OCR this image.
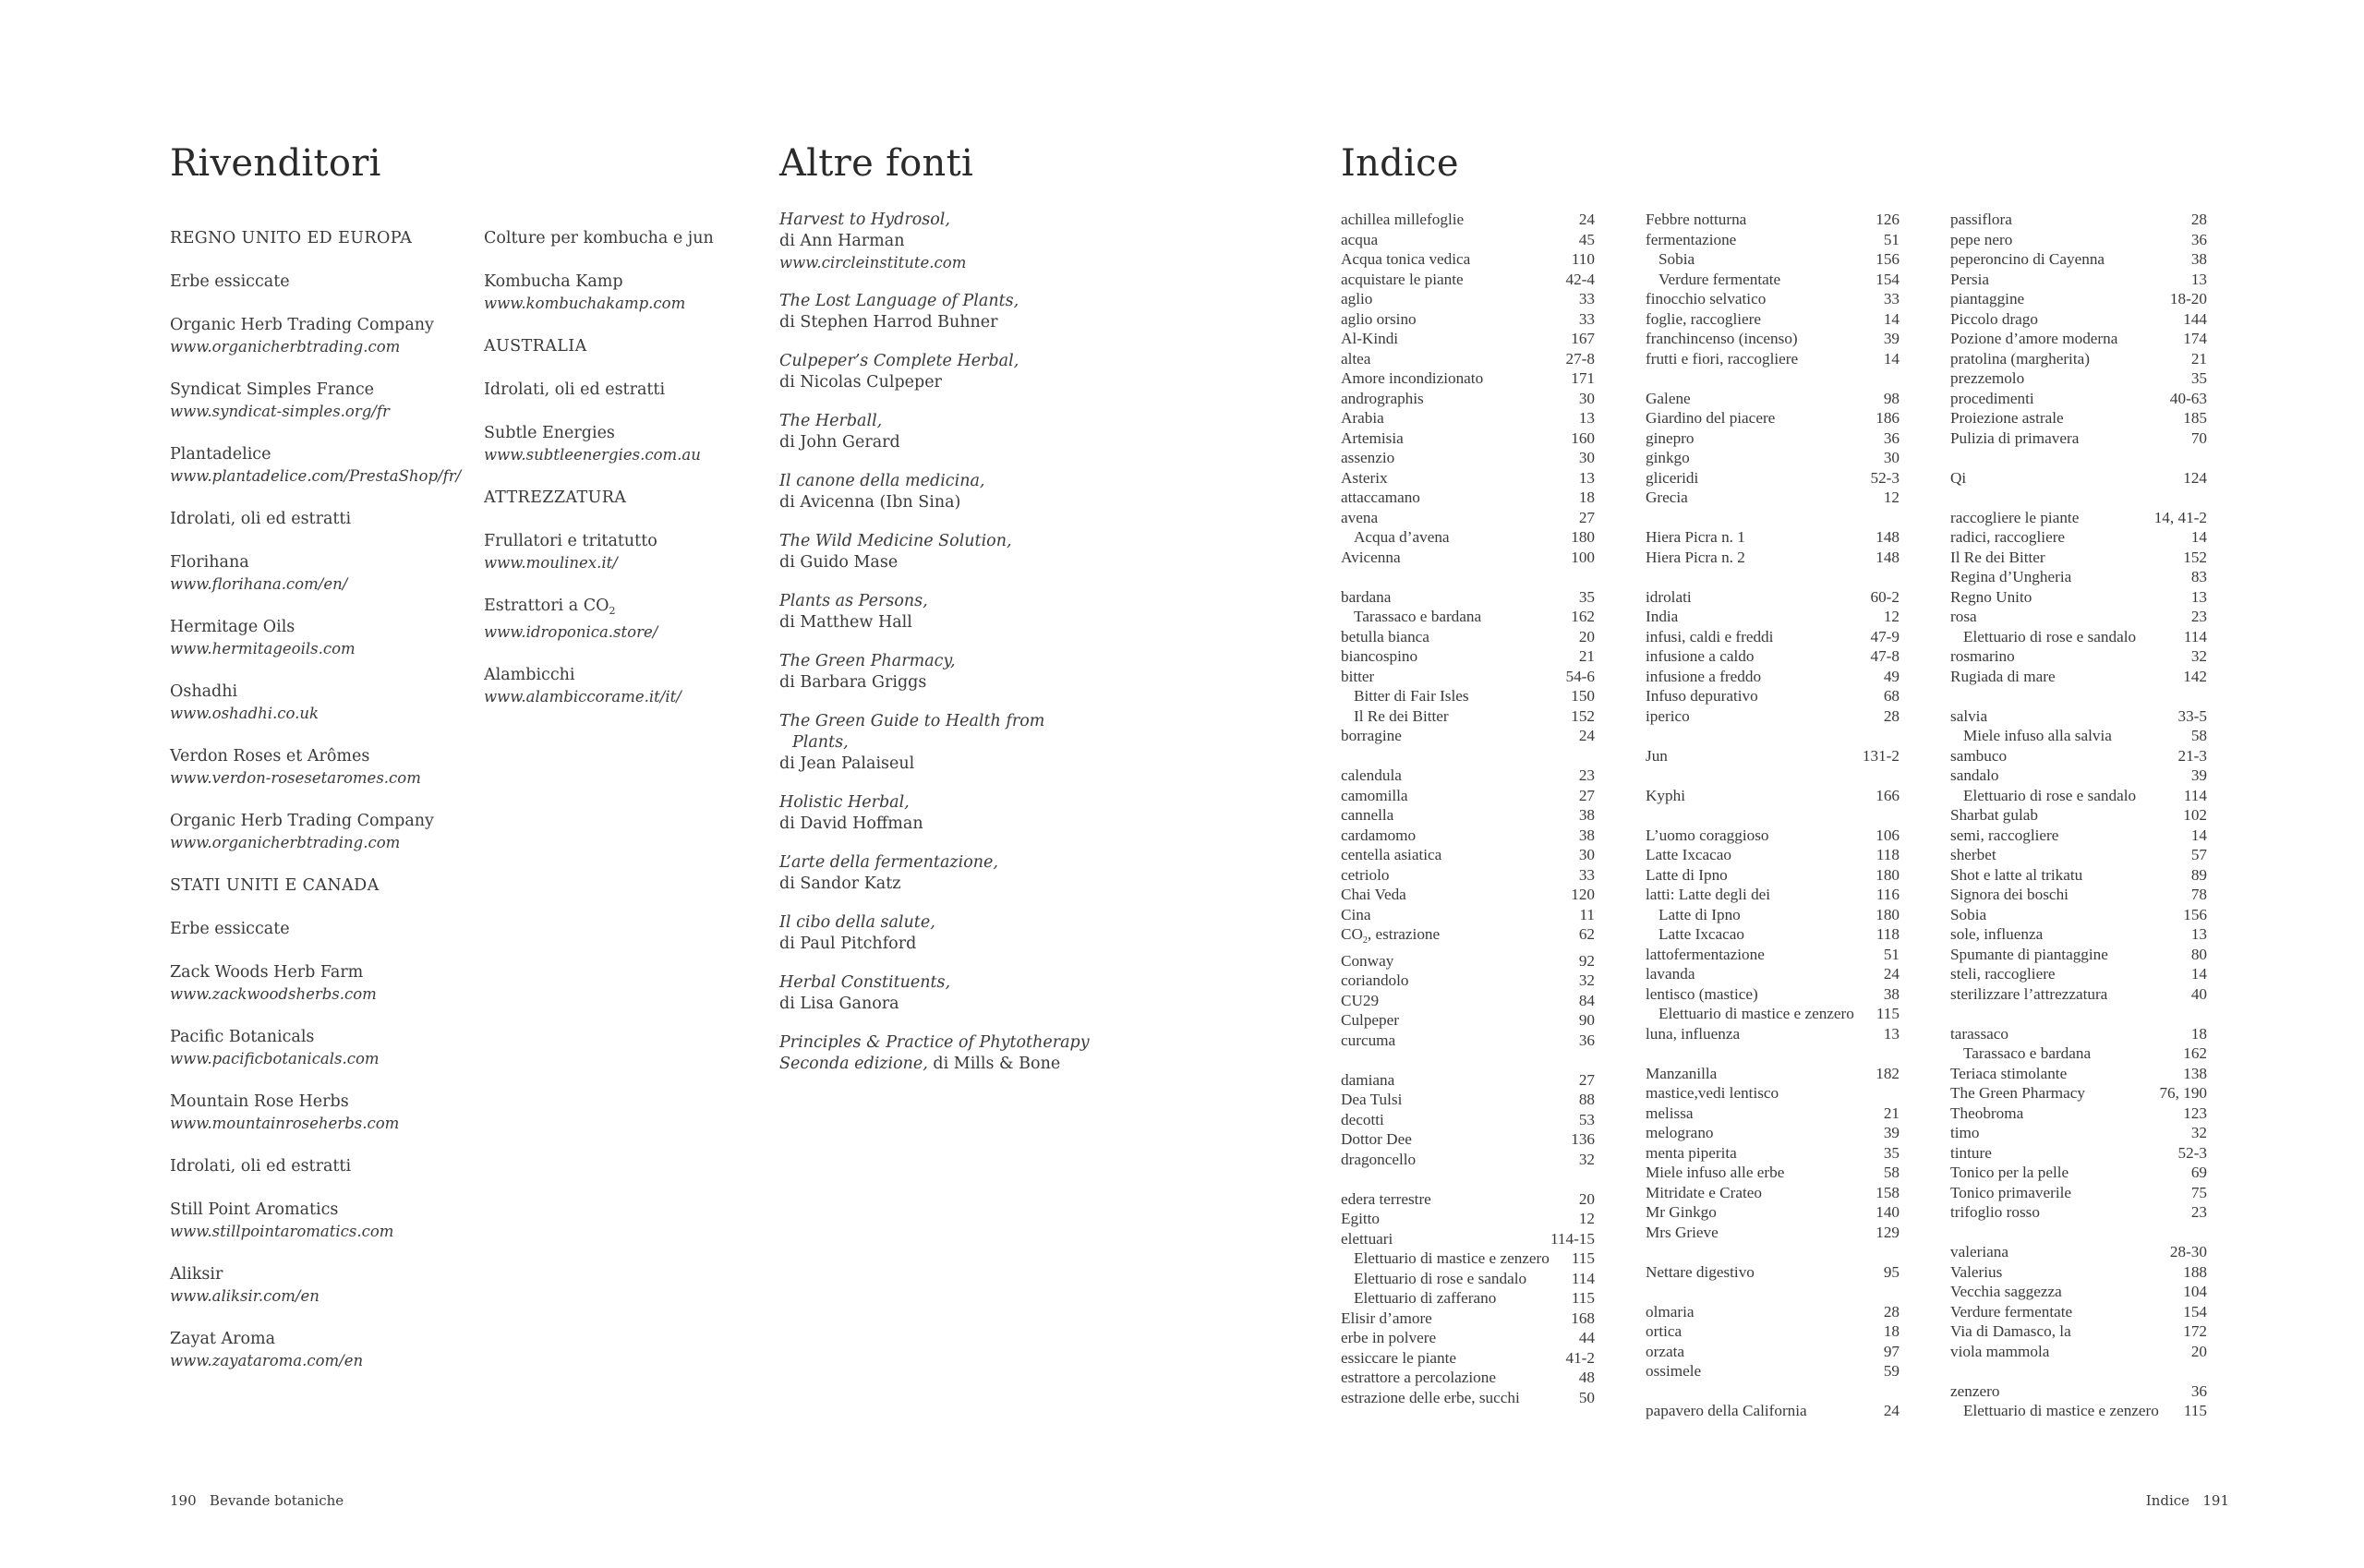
Rivenditori
REGNO UNITO ED EUROPA
Erbe essiccate
Organic Herb Trading Company
www.organicherbtrading.com
Syndicat Simples France
www.syndicat-simples.org/fr
Plantadelice
www.plantadelice.com/PrestaShop/fr/
Idrolati, oli ed estratti
Florihana
www.florihana.com/en/
Hermitage Oils
www.hermitageoils.com
Oshadhi
www.oshadhi.co.uk
Verdon Roses et Arômes
www.verdon-rosesetaromes.com
Organic Herb Trading Company
www.organicherbtrading.com
STATI UNITI E CANADA
Erbe essiccate
Zack Woods Herb Farm
www.zackwoodsherbs.com
Pacific Botanicals
www.pacificbotanicals.com
Mountain Rose Herbs
www.mountainroseherbs.com
Idrolati, oli ed estratti
Still Point Aromatics
www.stillpointaromatics.com
Aliksir
www.aliksir.com/en
Zayat Aroma
www.zayataroma.com/en
Colture per kombucha e jun
Kombucha Kamp
www.kombuchakamp.com
AUSTRALIA
Idrolati, oli ed estratti
Subtle Energies
www.subtleenergies.com.au
ATTREZZATURA
Frullatori e tritatutto
www.moulinex.it/
Estrattori a $CO_2$
www.idroponica.store/
Alambicchi
www.alambiccorame.it/it/
190   Bevande botaniche
Altre fonti
Harvest to Hydrosol,
di Ann Harman
www.circleinstitute.com
The Lost Language of Plants,
di Stephen Harrod Buhner
Culpeper’s Complete Herbal,
di Nicolas Culpeper
The Herball,
di John Gerard
Il canone della medicina,
di Avicenna (Ibn Sina)
The Wild Medicine Solution,
di Guido Mase
Plants as Persons,
di Matthew Hall
The Green Pharmacy,
di Barbara Griggs
The Green Guide to Health from
Plants,
di Jean Palaiseul
Holistic Herbal,
di David Hoffman
L’arte della fermentazione,
di Sandor Katz
Il cibo della salute,
di Paul Pitchford
Herbal Constituents,
di Lisa Ganora
Principles & Practice of Phytotherapy
Seconda edizione, di Mills & Bone
Indice
achillea millefoglie	24
acqua	45
Acqua tonica vedica	110
acquistare le piante	42-4
aglio	33
aglio orsino	33
Al-Kindi	167
altea	27-8
Amore incondizionato	171
andrographis	30
Arabia	13
Artemisia	160
assenzio	30
Asterix	13
attaccamano	18
avena	27
Acqua d’avena	180
Avicenna	100
bardana	35
Tarassaco e bardana	162
betulla bianca	20
biancospino	21
bitter	54-6
Bitter di Fair Isles	150
Il Re dei Bitter	152
borragine	24
calendula	23
camomilla	27
cannella	38
cardamomo	38
centella asiatica	30
cetriolo	33
Chai Veda	120
Cina	11
$CO_2$, estrazione	62
Conway	92
coriandolo	32
CU29	84
Culpeper	90
curcuma	36
damiana	27
Dea Tulsi	88
decotti	53
Dottor Dee	136
dragoncello	32
edera terrestre	20
Egitto	12
elettuari	114-15
Elettuario di mastice e zenzero	115
Elettuario di rose e sandalo	114
Elettuario di zafferano	115
Elisir d’amore	168
erbe in polvere	44
essiccare le piante	41-2
estrattore a percolazione	48
estrazione delle erbe, succhi	50
Febbre notturna	126
fermentazione	51
Sobia	156
Verdure fermentate	154
finocchio selvatico	33
foglie, raccogliere	14
franchincenso (incenso)	39
frutti e fiori, raccogliere	14
Galene	98
Giardino del piacere	186
ginepro	36
ginkgo	30
gliceridi	52-3
Grecia	12
Hiera Picra n. 1	148
Hiera Picra n. 2	148
idrolati	60-2
India	12
infusi, caldi e freddi	47-9
infusione a caldo	47-8
infusione a freddo	49
Infuso depurativo	68
iperico	28
Jun	131-2
Kyphi	166
L’uomo coraggioso	106
Latte Ixcacao	118
Latte di Ipno	180
latti: Latte degli dei	116
Latte di Ipno	180
Latte Ixcacao	118
lattofermentazione	51
lavanda	24
lentisco (mastice)	38
Elettuario di mastice e zenzero	115
luna, influenza	13
Manzanilla	182
mastice,vedi lentisco
melissa	21
melograno	39
menta piperita	35
Miele infuso alle erbe	58
Mitridate e Crateo	158
Mr Ginkgo	140
Mrs Grieve	129
Nettare digestivo	95
olmaria	28
ortica	18
orzata	97
ossimele	59
papavero della California	24
passiflora	28
pepe nero	36
peperoncino di Cayenna	38
Persia	13
piantaggine	18-20
Piccolo drago	144
Pozione d’amore moderna	174
pratolina (margherita)	21
prezzemolo	35
procedimenti	40-63
Proiezione astrale	185
Pulizia di primavera	70
Qi	124
raccogliere le piante	14, 41-2
radici, raccogliere	14
Il Re dei Bitter	152
Regina d’Ungheria	83
Regno Unito	13
rosa	23
Elettuario di rose e sandalo	114
rosmarino	32
Rugiada di mare	142
salvia	33-5
Miele infuso alla salvia	58
sambuco	21-3
sandalo	39
Elettuario di rose e sandalo	114
Sharbat gulab	102
semi, raccogliere	14
sherbet	57
Shot e latte al trikatu	89
Signora dei boschi	78
Sobia	156
sole, influenza	13
Spumante di piantaggine	80
steli, raccogliere	14
sterilizzare l’attrezzatura	40
tarassaco	18
Tarassaco e bardana	162
Teriaca stimolante	138
The Green Pharmacy	76, 190
Theobroma	123
timo	32
tinture	52-3
Tonico per la pelle	69
Tonico primaverile	75
trifoglio rosso	23
valeriana	28-30
Valerius	188
Vecchia saggezza	104
Verdure fermentate	154
Via di Damasco, la	172
viola mammola	20
zenzero	36
Elettuario di mastice e zenzero	115
Indice   191
